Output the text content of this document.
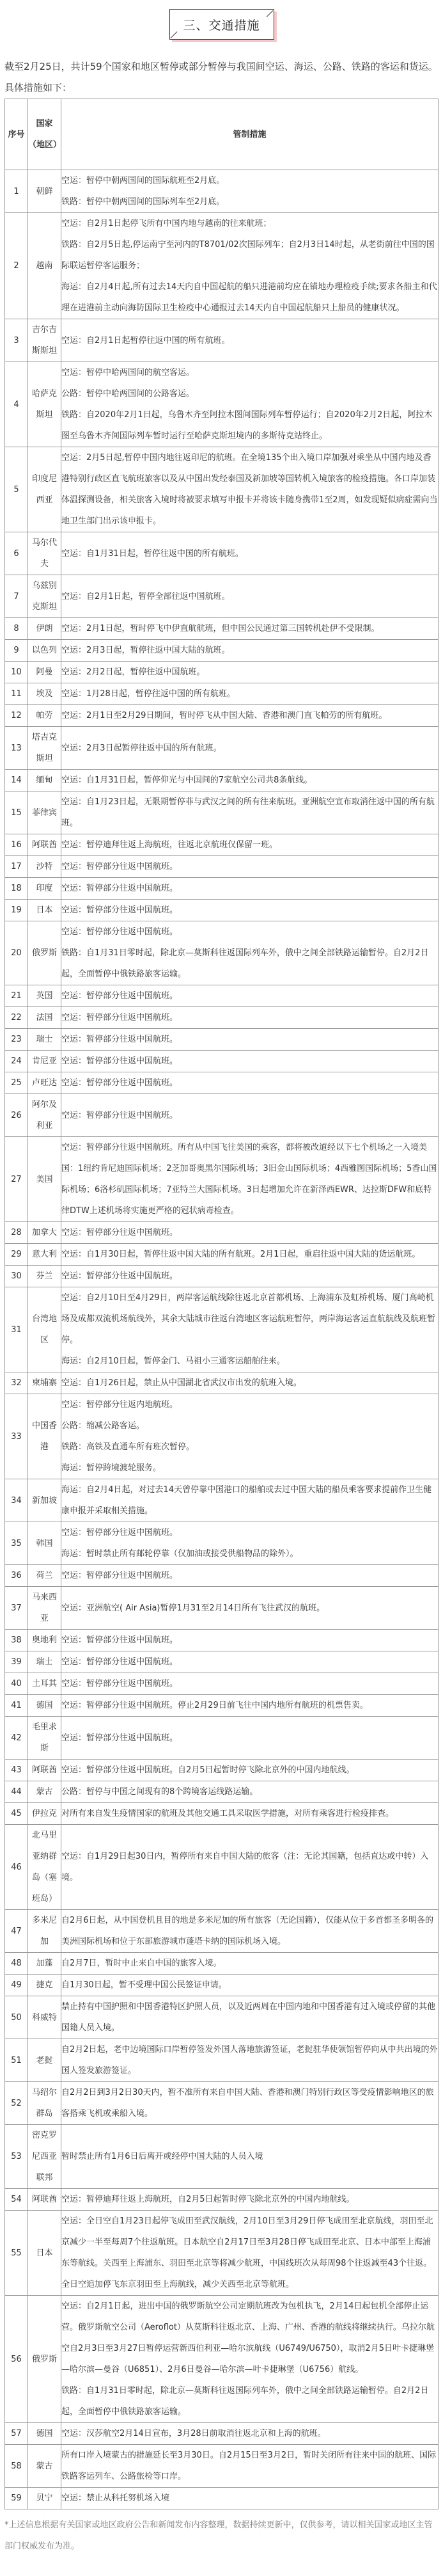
三、交通措施

截至2月25日，共计59个国家和地区暂停或部分暂停与我国间空运、海运、公路、铁路的客运和货运。具体措施如下：

序号	国家（地区）	管制措施
1	朝鲜	空运：暂停中朝两国间的国际航班至2月底。
铁路：暂停中朝两国间的国际列车至2月底。

2	越南	空运：自2月1日起停飞所有中国内地与越南的往来航班；
铁路：自2月5日起,停运南宁至河内的T8701/02次国际列车；自2月3日14时起，从老街前往中国的国际联运暂停客运服务；
海运：自2月4日起,所有过去14天内自中国起航的船只进港前均应在锚地办理检疫手续;要求各船主和代理在进港前主动向海防国际卫生检疫中心通报过去14天内自中国起航船只上船员的健康状况。

3	吉尔吉斯斯坦	空运：自2月1日起暂停往返中国的所有航班。

4	哈萨克斯坦	空运：暂停中哈两国间的航空客运。
公路：暂停中哈两国间的公路客运。
铁路：自2020年2月1日起，乌鲁木齐至阿拉木图间国际列车暂停运行；自2020年2月2日起，阿拉木图至乌鲁木齐间国际列车暂时运行至哈萨克斯坦境内的多斯待克站终止。

5	印度尼西亚	空运：2月5日起,暂停中国内地往返印尼的航班。在全境135个出入境口岸加强对乘坐从中国内地及香港特别行政区直飞航班旅客以及从中国出发经泰国及新加坡等国转机入境旅客的检疫措施。各口岸加装体温探测设备，相关旅客入境时将被要求填写申报卡并将该卡随身携带1至2周，如发现疑似病症需向当地卫生部门出示该申报卡。

6	马尔代夫	空运：自1月31日起，暂停往返中国的所有航班。

7	乌兹别克斯坦	空运：自2月1日起，暂停全部往返中国航班。

8	伊朗	空运：2月1日起，暂时停飞中伊直航航班，但中国公民通过第三国转机赴伊不受限制。

9	以色列	空运：2月3日起，暂停往返中国大陆的航班。

10	阿曼	空运：2月2日起，暂停往返中国航班。

11	埃及	空运：1月28日起，暂停往返中国的所有航班。

12	帕劳	空运：2月1日至2月29日期间，暂时停飞从中国大陆、香港和澳门直飞帕劳的所有航班。

13	塔吉克斯坦	空运：2月3日起暂停往返中国的所有航班。

14	缅甸	空运：自1月31日起，暂停仰光与中国间的7家航空公司共8条航线。

15	菲律宾	空运：自1月23日起，无限期暂停菲与武汉之间的所有往来航班。亚洲航空宣布取消往返中国的所有航班。

16	阿联酋	空运：暂停迪拜往返上海航班，往返北京航班仅保留一班。

17	沙特	空运：暂停部分往返中国航班。

18	印度	空运：暂停部分往返中国航班。

19	日本	空运：暂停部分往返中国航班。

20	俄罗斯	空运：暂停部分往返中国航班。
铁路：自1月31日零时起，除北京—莫斯科往返国际列车外，俄中之间全部铁路运输暂停。自2月2日起，全面暂停中俄铁路旅客运输。

21	英国	空运：暂停部分往返中国航班。

22	法国	空运：暂停部分往返中国航班。

23	瑞士	空运：暂停部分往返中国航班。

24	肯尼亚	空运：暂停部分往返中国航班。

25	卢旺达	空运：暂停部分往返中国航班。

26	阿尔及利亚	空运：暂停部分往返中国航班。

27	美国	空运：暂停部分往返中国航班。所有从中国飞往美国的乘客，都将被改道经以下七个机场之一入境美国：1纽约肯尼迪国际机场；2芝加哥奥黑尔国际机场；3旧金山国际机场；4西雅图国际机场；5香山国际机场；6洛杉矶国际机场；7亚特兰大国际机场。3日起增加允许在新泽西EWR、达拉斯DFW和底特律DTW上述机场将实施更严格的冠状病毒检查。

28	加拿大	空运：暂停部分往返中国航班。

29	意大利	空运：自1月30日起，暂停往返中国大陆的所有航班。2月1日起，重启往返中国大陆的货运航班。

30	芬兰	空运：暂停部分往返中国航班。

31	台湾地区	空运：自2月10日至4月29日，两岸客运航线除往返北京首都机场、上海浦东及虹桥机场、厦门高崎机场及成都双流机场航线外，其余大陆城市往返台湾地区客运航班暂停，两岸海运客运直航航线及航班暂停。
海运：自2月10日起，暂停金门、马祖小三通客运船舶往来。

32	柬埔寨	空运：自1月26日起，禁止从中国湖北省武汉市出发的航班入境。

33	中国香港	空运：暂停部分往返内地航班。
公路：缩减公路客运。
铁路：高铁及直通车所有班次暂停。
海运：暂停跨境渡轮服务。

34	新加坡	海运：自2月4日起，对过去14天曾停靠中国港口的船舶或去过中国大陆的船员乘客要求提前作卫生健康申报并采取相关措施。

35	韩国	空运：暂停部分往返中国航班。
海运：暂时禁止所有邮轮停靠（仅加油或接受供船物品的除外）。

36	荷兰	空运：暂停部分往返中国航班。

37	马来西亚	空运：亚洲航空( Air Asia)暂停1月31至2月14日所有飞往武汉的航班。

38	奥地利	空运：暂停部分往返中国航班。

39	瑞士	空运：暂停部分往返中国航班。

40	土耳其	空运：暂停部分往返中国航班。

41	德国	空运：暂停部分往返中国航班。停止2月29日前飞往中国内地所有航班的机票售卖。

42	毛里求斯	空运：暂停部分往返中国航班。

43	阿联酋	空运：暂停部分往返中国航班。自2月5日起暂时停飞除北京外的中国内地航线。

44	蒙古	公路：暂停与中国之间现有的8个跨境客运线路运输。

45	伊拉克	对所有来自发生疫情国家的航班及其他交通工具采取医学措施，对所有乘客进行检疫排查。

46	北马里亚纳群岛（塞班岛）	空运：自1月29日起30日内，暂停所有来自中国大陆的旅客（注：无论其国籍，包括直达或中转）入境。

47	多米尼加	自2月6日起，从中国登机且目的地是多米尼加的所有旅客（无论国籍），仅能从位于多首都圣多明各的美洲国际机场和位于东部旅游城市蓬塔卡纳的国际机场入境。

48	加蓬	自2月7日，暂时中止来自中国的旅客入境。

49	捷克	自1月30日起，暂不受理中国公民签证申请。

50	科威特	禁止持有中国护照和中国香港特区护照人员，以及近两周在中国内地和中国香港有过入境或停留的其他国籍人员入境。

51	老挝	自2月2日起，老中边境国际口岸暂停签发外国人落地旅游签证，老挝驻华使领馆暂停向从中共出境的外国人签发旅游签证。

52	马绍尔群岛	自2月2日到3月2日30天内，暂不准所有来自中国大陆、香港和澳门特别行政区等受疫情影响地区的旅客搭乘飞机或乘船入境。

53	密克罗尼西亚联邦	暂时禁止所有1月6日后离开或经停中国大陆的人员入境

54	阿联酋	空运：暂停迪拜往返上海航班，自2月5日起暂时停飞除北京外的中国内地航线。

55	日本	空运：全日空自1月23日起停飞成田至武汉航线，2月10日至3月29日停飞成田至北京航线，羽田至北京减少一半至每周7个往返航班。日本航空自2月17日至3月28日停飞成田至北京、日本中部至上海浦东等航线。关西至上海浦东、羽田至北京等将减少航班，中国线班次从每周98个往返减至43个往返。全日空追加停飞东京羽田至上海航线，减少关西至北京等航班。

56	俄罗斯	空运：自2月1日起，进出中国的俄罗斯航空公司定期航班改为包机执飞，2月14日起包机全部停止运营。俄罗斯航空公司（Aeroflot）从莫斯科往返北京、上海、广州、香港的航线将继续执行。乌拉尔航空自2月3日至3月27日暂停运营新西伯利亚—哈尔滨航线（U6749/U6750），取消2月5日叶卡捷琳堡—哈尔滨—曼谷（U6851）、2月6日曼谷—哈尔滨—叶卡捷琳堡（U6756）航线。
铁路：自1月31日零时起，除北京—莫斯科往返国际列车外，俄中之间全部铁路运输暂停。自2月2日起，全面暂停中俄铁路旅客运输。

57	德国	空运：汉莎航空2月14日宣布，3月28日前取消往返北京和上海的航班。

58	蒙古	所有口岸入境蒙古的措施延长至3月30日。自2月15日至3月2日，暂时关闭所有往来中国的航班、国际铁路客运列车、公路旅检等口岸。

59	贝宁	空运：禁止从科托努机场入境

*上述信息根据有关国家或地区政府公告和新闻发布内容整理，数据持续更新中，仅供参考，请以相关国家或地区主管部门权威发布为准。
